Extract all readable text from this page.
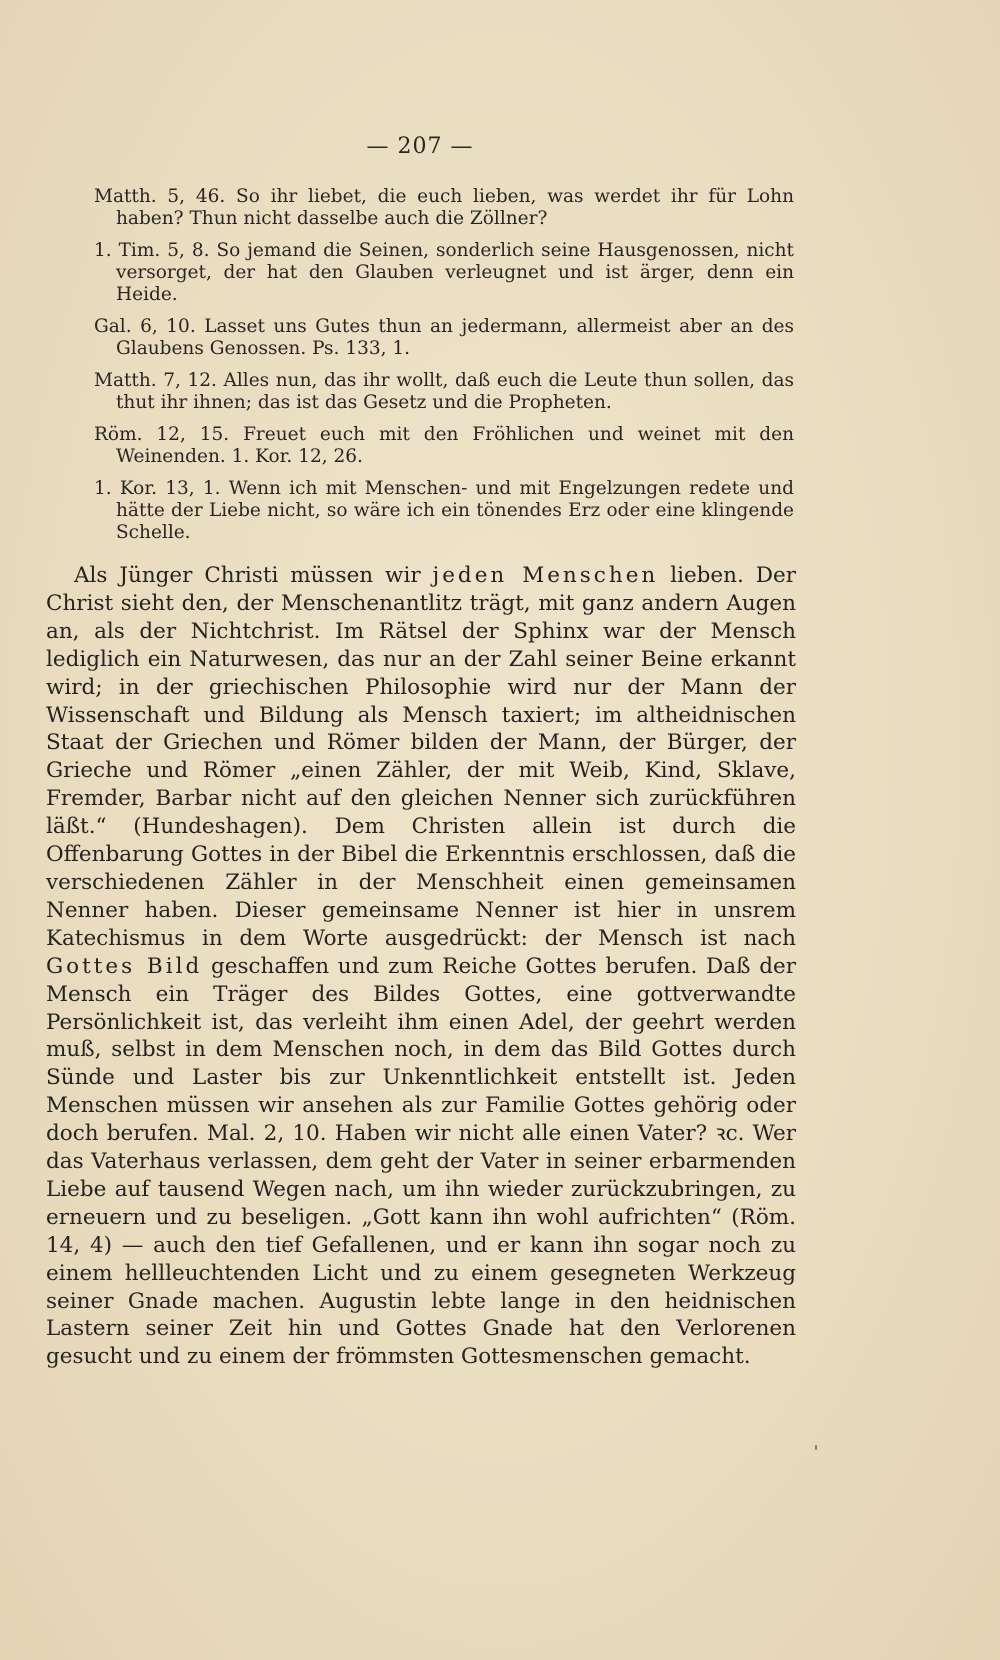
— 207 —

Matth. 5, 46. So ihr liebet, die euch lieben, was werdet ihr für Lohn haben? Thun nicht dasselbe auch die Zöllner?

1. Tim. 5, 8. So jemand die Seinen, sonderlich seine Hausgenossen, nicht versorget, der hat den Glauben verleugnet und ist ärger, denn ein Heide.

Gal. 6, 10. Lasset uns Gutes thun an jedermann, allermeist aber an des Glaubens Genossen. Ps. 133, 1.

Matth. 7, 12. Alles nun, das ihr wollt, daß euch die Leute thun sollen, das thut ihr ihnen; das ist das Gesetz und die Propheten.

Röm. 12, 15. Freuet euch mit den Fröhlichen und weinet mit den Weinenden. 1. Kor. 12, 26.

1. Kor. 13, 1. Wenn ich mit Menschen- und mit Engelzungen redete und hätte der Liebe nicht, so wäre ich ein tönendes Erz oder eine klingende Schelle.

Als Jünger Christi müssen wir jeden Menschen lieben. Der Christ sieht den, der Menschenantlitz trägt, mit ganz andern Augen an, als der Nichtchrist. Im Rätsel der Sphinx war der Mensch lediglich ein Naturwesen, das nur an der Zahl seiner Beine erkannt wird; in der griechischen Philosophie wird nur der Mann der Wissenschaft und Bildung als Mensch taxiert; im altheidnischen Staat der Griechen und Römer bilden der Mann, der Bürger, der Grieche und Römer „einen Zähler, der mit Weib, Kind, Sklave, Fremder, Barbar nicht auf den gleichen Nenner sich zurückführen läßt.“ (Hundeshagen). Dem Christen allein ist durch die Offenbarung Gottes in der Bibel die Erkenntnis erschlossen, daß die verschiedenen Zähler in der Menschheit einen gemeinsamen Nenner haben. Dieser gemeinsame Nenner ist hier in unsrem Katechismus in dem Worte ausgedrückt: der Mensch ist nach Gottes Bild geschaffen und zum Reiche Gottes berufen. Daß der Mensch ein Träger des Bildes Gottes, eine gottverwandte Persönlichkeit ist, das verleiht ihm einen Adel, der geehrt werden muß, selbst in dem Menschen noch, in dem das Bild Gottes durch Sünde und Laster bis zur Unkenntlichkeit entstellt ist. Jeden Menschen müssen wir ansehen als zur Familie Gottes gehörig oder doch berufen. Mal. 2, 10. Haben wir nicht alle einen Vater? ꝛc. Wer das Vaterhaus verlassen, dem geht der Vater in seiner erbarmenden Liebe auf tausend Wegen nach, um ihn wieder zurückzubringen, zu erneuern und zu beseligen. „Gott kann ihn wohl aufrichten“ (Röm. 14, 4) — auch den tief Gefallenen, und er kann ihn sogar noch zu einem hellleuchtenden Licht und zu einem gesegneten Werkzeug seiner Gnade machen. Augustin lebte lange in den heidnischen Lastern seiner Zeit hin und Gottes Gnade hat den Verlorenen gesucht und zu einem der frömmsten Gottesmenschen gemacht.
